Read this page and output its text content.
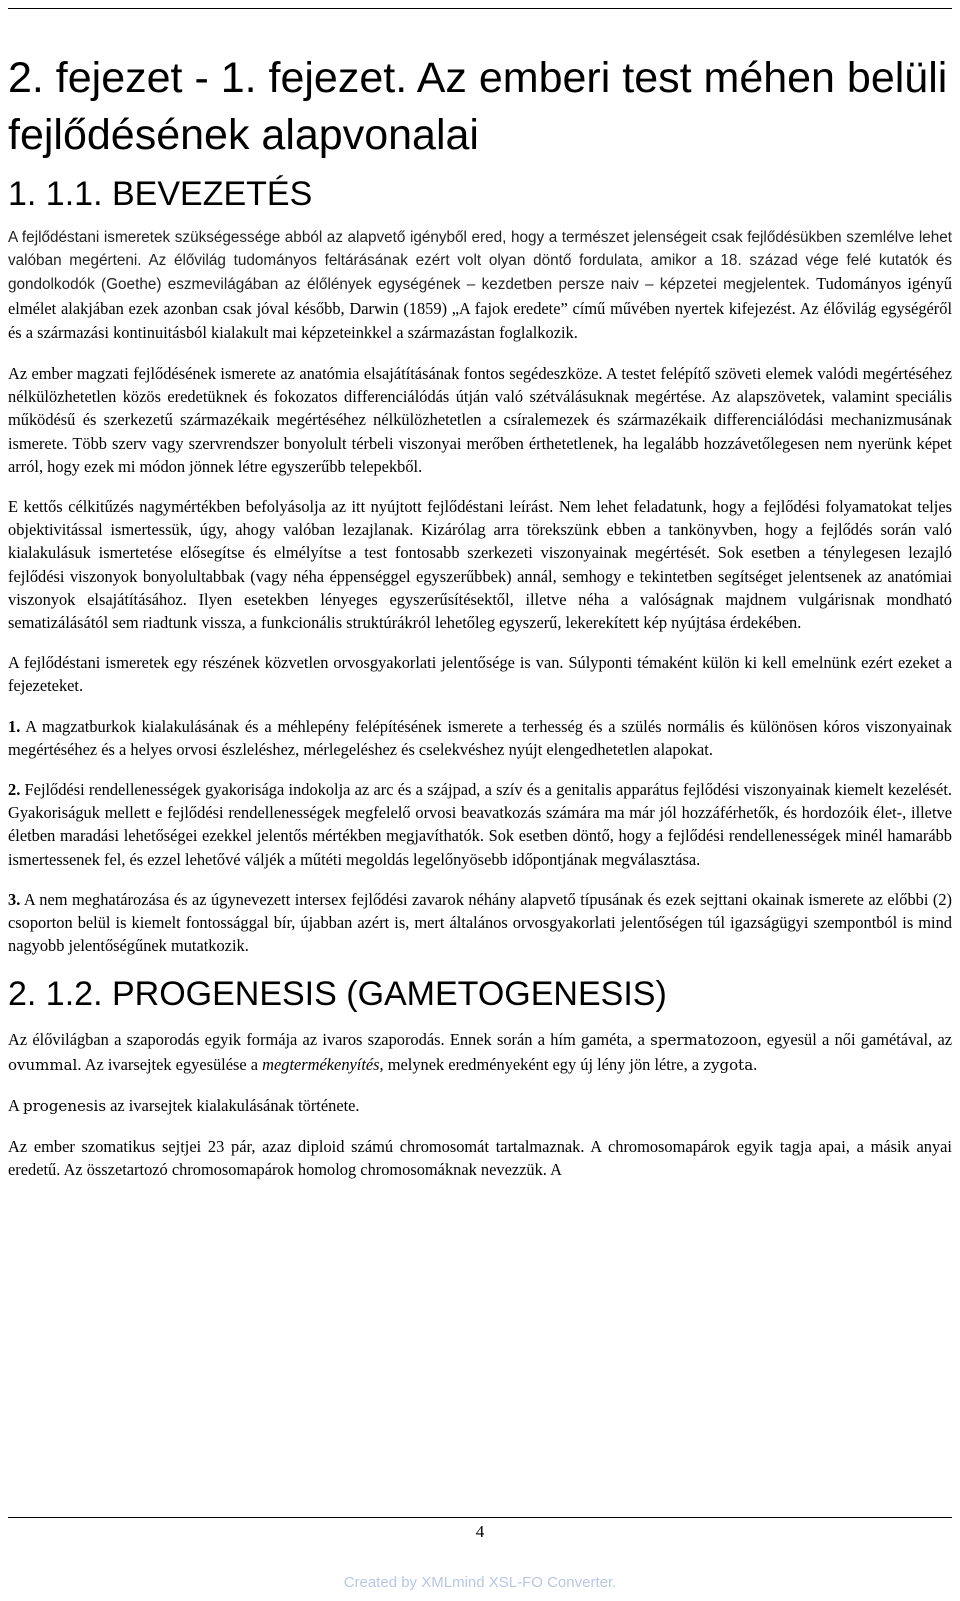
2. fejezet - 1. fejezet. Az emberi test méhen belüli fejlődésének alapvonalai
1. 1.1. BEVEZETÉS

A fejlődéstani ismeretek szükségessége abból az alapvető igényből ered, hogy a természet jelenségeit csak fejlődésükben szemlélve lehet valóban megérteni. Az élővilág tudományos feltárásának ezért volt olyan döntő fordulata, amikor a 18. század vége felé kutatók és gondolkodók (Goethe) eszmevilágában az élőlények egységének – kezdetben persze naiv – képzetei megjelentek. Tudományos igényű elmélet alakjában ezek azonban csak jóval később, Darwin (1859) „A fajok eredete” című művében nyertek kifejezést. Az élővilág egységéről és a származási kontinuitásból kialakult mai képzeteinkkel a származástan foglalkozik.

Az ember magzati fejlődésének ismerete az anatómia elsajátításának fontos segédeszköze. A testet felépítő szöveti elemek valódi megértéséhez nélkülözhetetlen közös eredetüknek és fokozatos differenciálódás útján való szétválásuknak megértése. Az alapszövetek, valamint speciális működésű és szerkezetű származékaik megértéséhez nélkülözhetetlen a csíralemezek és származékaik differenciálódási mechanizmusának ismerete. Több szerv vagy szervrendszer bonyolult térbeli viszonyai merőben érthetetlenek, ha legalább hozzávetőlegesen nem nyerünk képet arról, hogy ezek mi módon jönnek létre egyszerűbb telepekből.

E kettős célkitűzés nagymértékben befolyásolja az itt nyújtott fejlődéstani leírást. Nem lehet feladatunk, hogy a fejlődési folyamatokat teljes objektivitással ismertessük, úgy, ahogy valóban lezajlanak. Kizárólag arra törekszünk ebben a tankönyvben, hogy a fejlődés során való kialakulásuk ismertetése elősegítse és elmélyítse a test fontosabb szerkezeti viszonyainak megértését. Sok esetben a ténylegesen lezajló fejlődési viszonyok bonyolultabbak (vagy néha éppenséggel egyszerűbbek) annál, semhogy e tekintetben segítséget jelentsenek az anatómiai viszonyok elsajátításához. Ilyen esetekben lényeges egyszerűsítésektől, illetve néha a valóságnak majdnem vulgárisnak mondható sematizálásától sem riadtunk vissza, a funkcionális struktúrákról lehetőleg egyszerű, lekerekített kép nyújtása érdekében.

A fejlődéstani ismeretek egy részének közvetlen orvosgyakorlati jelentősége is van. Súlyponti témaként külön ki kell emelnünk ezért ezeket a fejezeteket.

1. A magzatburkok kialakulásának és a méhlepény felépítésének ismerete a terhesség és a szülés normális és különösen kóros viszonyainak megértéséhez és a helyes orvosi észleléshez, mérlegeléshez és cselekvéshez nyújt elengedhetetlen alapokat.

2. Fejlődési rendellenességek gyakorisága indokolja az arc és a szájpad, a szív és a genitalis apparátus fejlődési viszonyainak kiemelt kezelését. Gyakoriságuk mellett e fejlődési rendellenességek megfelelő orvosi beavatkozás számára ma már jól hozzáférhetők, és hordozóik élet-, illetve életben maradási lehetőségei ezekkel jelentős mértékben megjavíthatók. Sok esetben döntő, hogy a fejlődési rendellenességek minél hamarább ismertessenek fel, és ezzel lehetővé váljék a műtéti megoldás legelőnyösebb időpontjának megválasztása.

3. A nem meghatározása és az úgynevezett intersex fejlődési zavarok néhány alapvető típusának és ezek sejttani okainak ismerete az előbbi (2) csoporton belül is kiemelt fontossággal bír, újabban azért is, mert általános orvosgyakorlati jelentőségen túl igazságügyi szempontból is mind nagyobb jelentőségűnek mutatkozik.

2. 1.2. PROGENESIS (GAMETOGENESIS)

Az élővilágban a szaporodás egyik formája az ivaros szaporodás. Ennek során a hím gaméta, a spermatozoon, egyesül a női gamétával, az ovummal. Az ivarsejtek egyesülése a megtermékenyítés, melynek eredményeként egy új lény jön létre, a zygota.

A progenesis az ivarsejtek kialakulásának története.

Az ember szomatikus sejtjei 23 pár, azaz diploid számú chromosomát tartalmaznak. A chromosomapárok egyik tagja apai, a másik anyai eredetű. Az összetartozó chromosomapárok homolog chromosomáknak nevezzük. A

4
Created by XMLmind XSL-FO Converter.
